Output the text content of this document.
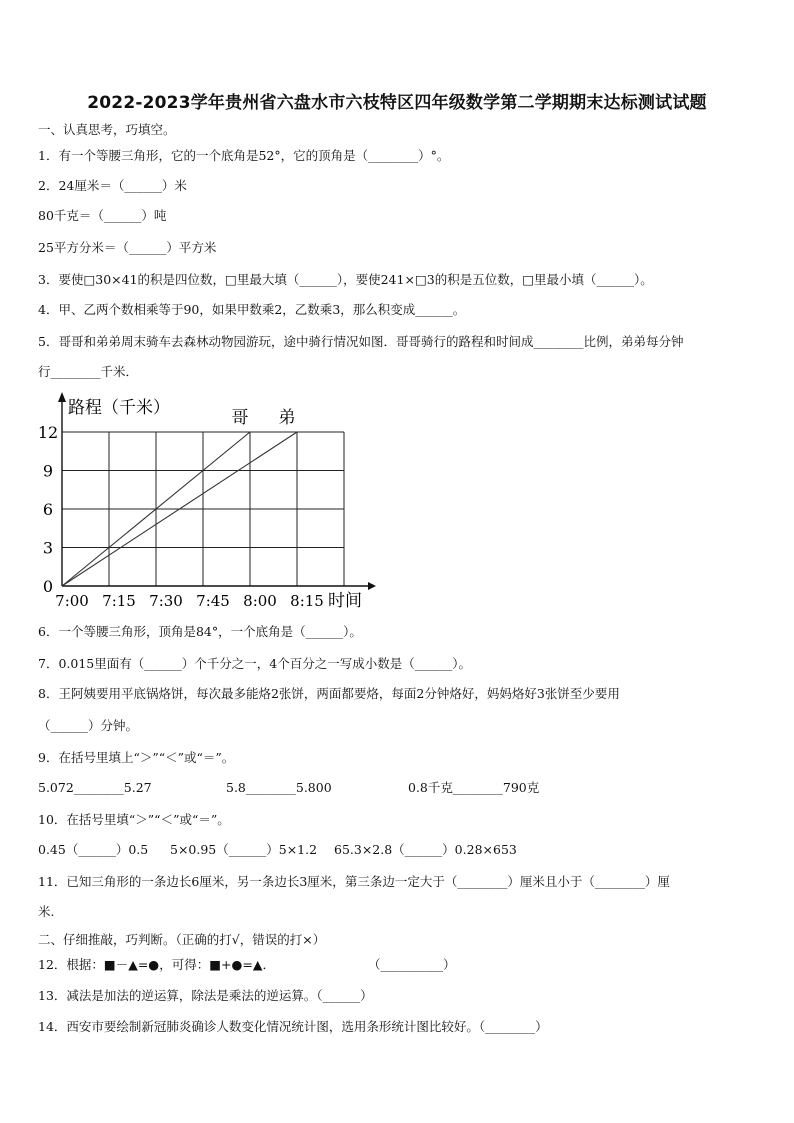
2022-2023学年贵州省六盘水市六枝特区四年级数学第二学期期末达标测试试题
一、认真思考，巧填空。
1．有一个等腰三角形，它的一个底角是52°，它的顶角是（________）°。
2．24厘米＝（______）米
80千克＝（______）吨
25平方分米＝（______）平方米
3．要使□30×41的积是四位数，□里最大填（______），要使241×□3的积是五位数，□里最小填（______）。
4．甲、乙两个数相乘等于90，如果甲数乘2，乙数乘3，那么积变成______。
5．哥哥和弟弟周末骑车去森林动物园游玩，途中骑行情况如图．哥哥骑行的路程和时间成________比例，弟弟每分钟
行________千米．
路程（千米）
时间
0
3
6
9
12
7:00 7:15 7:30 7:45 8:00 8:15
哥 弟
6．一个等腰三角形，顶角是84°，一个底角是（______）。
7．0.015里面有（______）个千分之一，4个百分之一写成小数是（______）。
8．王阿姨要用平底锅烙饼，每次最多能烙2张饼，两面都要烙，每面2分钟烙好，妈妈烙好3张饼至少要用
（______）分钟。
9．在括号里填上“＞”“＜”或“＝”。
5.072________5.27	5.8________5.800	0.8千克________790克
10．在括号里填“＞”“＜”或“＝”。
0.45（______）0.5 5×0.95（______）5×1.2 65.3×2.8（______）0.28×653
11．已知三角形的一条边长6厘米，另一条边长3厘米，第三条边一定大于（________）厘米且小于（________）厘
米.
二、仔细推敲，巧判断。（正确的打√，错误的打×）
12．根据：■－▲=●，可得：■+●=▲．	（__________）
13．减法是加法的逆运算，除法是乘法的逆运算。（______）
14．西安市要绘制新冠肺炎确诊人数变化情况统计图，选用条形统计图比较好。（________）
